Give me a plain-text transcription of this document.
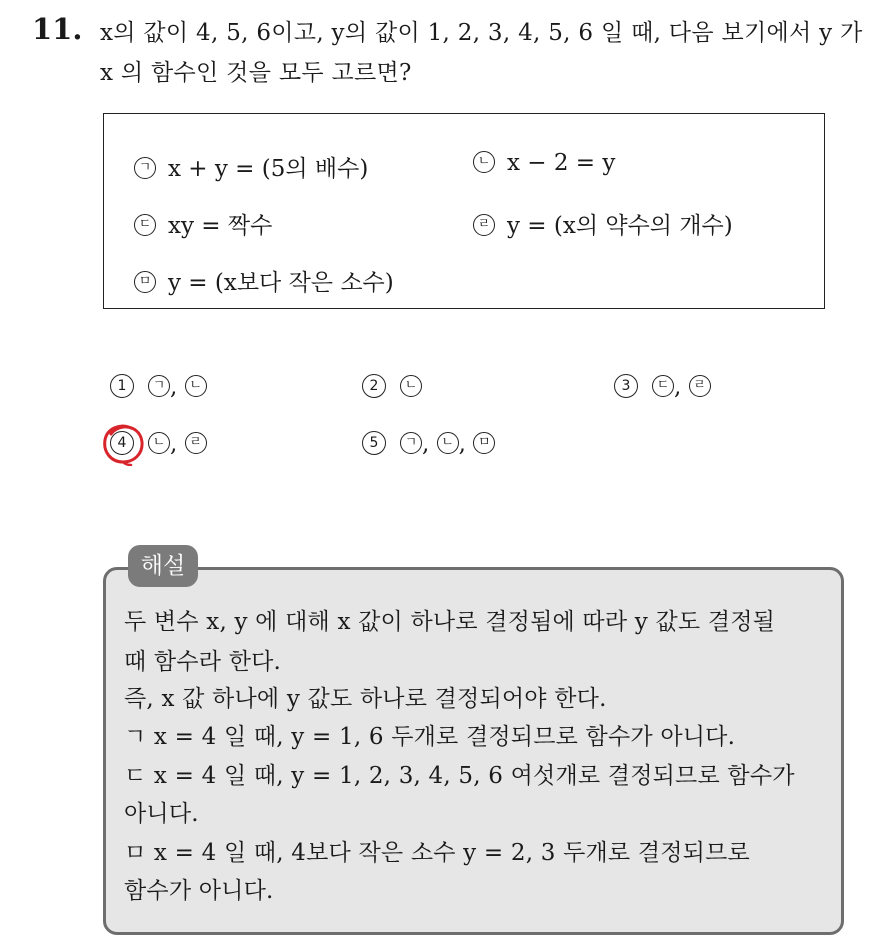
11. x의 값이 4, 5, 6이고, y의 값이 1, 2, 3, 4, 5, 6 일 때, 다음 보기에서 y 가
x 의 함수인 것을 모두 고르면?
ㄱ x + y = (5의 배수)	ㄴ x − 2 = y
ㄷ xy = 짝수	ㄹ y = (x의 약수의 개수)
ㅁ y = (x보다 작은 소수)
1 ㄱ , ㄴ	2 ㄴ	3 ㄷ , ㄹ
4 ㄴ , ㄹ	5 ㄱ , ㄴ , ㅁ
해설
두 변수 x, y 에 대해 x 값이 하나로 결정됨에 따라 y 값도 결정될
때 함수라 한다.
즉, x 값 하나에 y 값도 하나로 결정되어야 한다.
ㄱ x = 4 일 때, y = 1, 6 두개로 결정되므로 함수가 아니다.
ㄷ x = 4 일 때, y = 1, 2, 3, 4, 5, 6 여섯개로 결정되므로 함수가
아니다.
ㅁ x = 4 일 때, 4보다 작은 소수 y = 2, 3 두개로 결정되므로
함수가 아니다.
